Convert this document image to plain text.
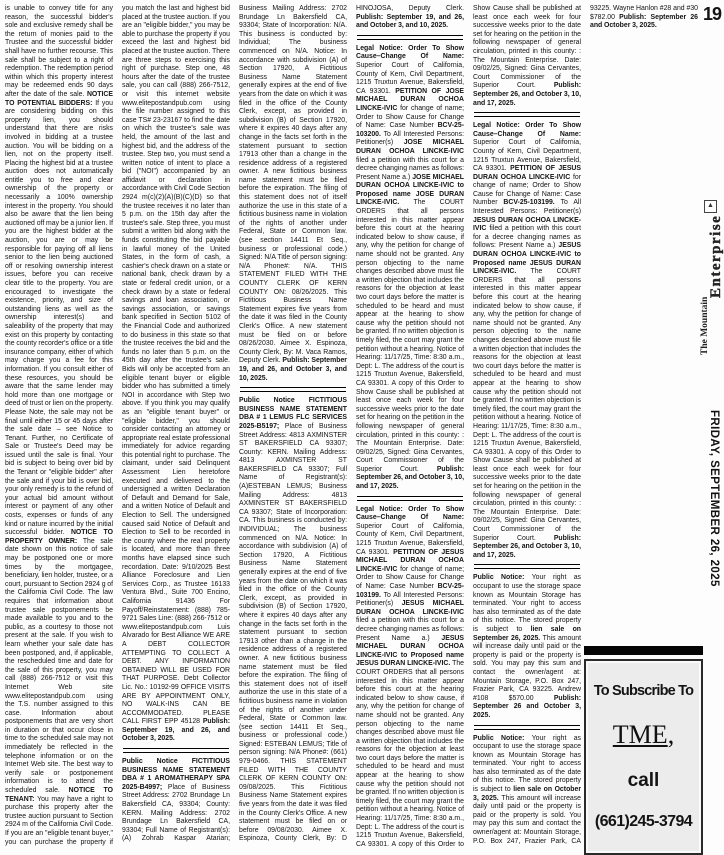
is unable to convey title for any reason, the successful bidder's sole and exclusive remedy shall be the return of monies paid to the Trustee and the successful bidder shall have no further recourse. This sale shall be subject to a right of redemption. The redemption period within which this property interest may be redeemed ends 90 days after the date of the sale. NOTICE TO POTENTIAL BIDDERS: If you are considering bidding on this property lien, you should understand that there are risks involved in bidding at a trustee auction. You will be bidding on a lien, not on the property itself. Placing the highest bid at a trustee auction does not automatically entitle you to free and clear ownership of the property or necessarily a 100% ownership interest in the property. You should also be aware that the lien being auctioned off may be a junior lien. If you are the highest bidder at the auction, you are or may be responsible for paying off all liens senior to the lien being auctioned off or resolving ownership interest issues, before you can receive clear title to the property. You are encouraged to investigate the existence, priority, and size of outstanding liens as well as the ownership interest(s) and saleability of the property that may exist on this property by contacting the county recorder's office or a title insurance company, either of which may charge you a fee for this information. If you consult either of these resources, you should be aware that the same lender may hold more than one mortgage or deed of trust or lien on the property. Please Note, the sale may not be final until either 15 or 45 days after the sale date – see Notice to Tenant. Further, no Certificate of Sale or Trustee's Deed may be issued until the sale is final. Your bid is subject to being over bid by the Tenant or "eligible bidder" after the sale and if your bid is over bid, your only remedy is to the refund of your actual bid amount without interest or payment of any other costs, expenses or funds of any kind or nature incurred by the initial successful bidder. NOTICE TO PROPERTY OWNER: The sale date shown on this notice of sale may be postponed one or more times by the mortgagee, beneficiary, lien holder, trustee, or a court, pursuant to Section 2924 g of the California Civil Code. The law requires that information about trustee sale postponements be made available to you and to the public, as a courtesy to those not present at the sale. If you wish to learn whether your sale date has been postponed, and, if applicable, the rescheduled time and date for the sale of this property, you may call (888) 266-7512 or visit this Internet Web site www.elitepostandpub.com using the T.S. number assigned to this case. Information about postponements that are very short in duration or that occur close in time to the scheduled sale may not immediately be reflected in the telephone information or on the Internet Web site. The best way to verify sale or postponement information is to attend the scheduled sale. NOTICE TO TENANT: You may have a right to purchase this property after the trustee auction pursuant to Section 2924 m of the California Civil Code. If you are an "eligible tenant buyer," you can purchase the property if you match the last and highest bid placed at the trustee auction. If you are an "eligible bidder," you may be able to purchase the property if you exceed the last and highest bid placed at the trustee auction. There are three steps to exercising this right of purchase. Step one, 48 hours after the date of the trustee sale, you can call (888) 266-7512, or visit this internet website www.elitepostandpub.com using the file number assigned to this case TS# 23-23167 to find the date on which the trustee's sale was held, the amount of the last and highest bid, and the address of the trustee. Step two, you must send a written notice of intent to place a bid ("NOI") accompanied by an affidavit or declaration in accordance with Civil Code Section 2924 m(c)(2)(A)(B)(C)(D) so that the trustee receives it no later than 5 p.m. on the 15th day after the trustee's sale. Step three, you must submit a written bid along with the funds constituting the bid payable in lawful money of the United States, in the form of cash, a cashier's check drawn on a state or national bank, check drawn by a state or federal credit union, or a check drawn by a state or federal savings and loan association, or savings association, or savings bank specified in Section 5102 of the Financial Code and authorized to do business in this state so that the trustee receives the bid and the funds no later than 5 p.m. on the 45th day after the trustee's sale. Bids will only be accepted from an eligible tenant buyer or eligible bidder who has submitted a timely NOI in accordance with Step two above. If you think you may qualify as an "eligible tenant buyer" or "eligible bidder," you should consider contacting an attorney or appropriate real estate professional immediately for advice regarding this potential right to purchase. The claimant, under said Delinquent Assessment Lien heretofore executed and delivered to the undersigned a written Declaration of Default and Demand for Sale, and a written Notice of Default and Election to Sell. The undersigned caused said Notice of Default and Election to Sell to be recorded in the county where the real property is located, and more than three months have elapsed since such recordation. Date: 9/10/2025 Best Alliance Foreclosure and Lien Services Corp., as Trustee 16133 Ventura Blvd., Suite 700 Encino, California 91436 For Payoff/Reinstatement: (888) 785-9721 Sales Line: (888) 266-7512 or www.elitepostandpub.com Luis Alvarado for Best Alliance WE ARE A DEBT COLLECTOR ATTEMPTING TO COLLECT A DEBT. ANY INFORMATION OBTAINED WILL BE USED FOR THAT PURPOSE. Debt Collector Lic. No.: 10192-99 OFFICE VISITS ARE BY APPOINTMENT ONLY, NO WALK-INS CAN BE ACCOMMODATED. PLEASE CALL FIRST EPP 45128 Publish: September 19, and 26, and October 3, 2025.
Public Notice FICTITIOUS BUSINESS NAME STATEMENT DBA # 1 AROMATHERAPY SPA 2025-B4997; Place of Business Street Address: 2702 Brundage Ln Bakersfield CA, 93304; County: KERN. Mailing Address: 2702 Brundage Ln Bakersfield CA, 93304; Full Name of Registrant(s): (A) Zohrab Kaspar Atarian; Business Mailing Address: 2702 Brundage Ln Bakersfield CA, 93304; State of Incorporation: N/A. This business is conducted by: Individual; The business commenced on N/A. Notice: In accordance with subdivision (A) of Section 17920, A Fictitious Business Name Statement generally expires at the end of five years from the date on which it was filed in the office of the County Clerk, except, as provided in subdivision (B) of Section 17920, where it expires 40 days after any change in the facts set forth in the statement pursuant to section 17913 other than a change in the residence address of a registered owner. A new fictitious business name statement must be filed before the expiration. The filing of this statement does not of itself authorize the use in this state of a fictitious business name in violation of the rights of another under Federal, State or Common law. (see section 14411 Et Seq., business or professional code.) Signed: N/A Title of person signing: N/A Phone#: N/A. THIS STATEMENT FILED WITH THE COUNTY CLERK OF KERN COUNTY ON: 08/26/2025. This Fictitious Business Name Statement expires five years from the date it was filed in the County Clerk's Office. A new statement must be filed on or before 08/26/2030. Aimee X. Espinoza, County Clerk, By: M. Vaca Ramos, Deputy Clerk. Publish: September 19, and 26, and October 3, and 10, 2025.
Public Notice FICTITIOUS BUSINESS NAME STATEMENT DBA # 1 LEMUS FLC SERVICES 2025-B5197; Place of Business Street Address: 4813 AXMINSTER ST BAKERSFIELD CA 93307; County: KERN. Mailing Address: 4813 AXMINSTER ST BAKERSFIELD CA 93307; Full Name of Registrant(s): (A)ESTEBAN LEMUS; Business Mailing Address: 4813 AXMINSTER ST BAKERSFIELD CA 93307; State of Incorporation: CA. This business is conducted by: INDIVIDUAL; The business commenced on N/A. Notice: In accordance with subdivision (A) of Section 17920, A Fictitious Business Name Statement generally expires at the end of five years from the date on which it was filed in the office of the County Clerk, except, as provided in subdivision (B) of Section 17920, where it expires 40 days after any change in the facts set forth in the statement pursuant to section 17913 other than a change in the residence address of a registered owner. A new fictitious business name statement must be filed before the expiration. The filing of this statement does not of itself authorize the use in this state of a fictitious business name in violation of the rights of another under Federal, State or Common law. (see section 14411 Et Seq., business or professional code.) Signed: ESTEBAN LEMUS; Title of person signing: N/A Phone#: (661) 979-0466. THIS STATEMENT FILED WITH THE COUNTY CLERK OF KERN COUNTY ON: 09/08/2025. This Fictitious Business Name Statement expires five years from the date it was filed in the County Clerk's Office. A new statement must be filed on or before 09/08/2030. Aimee X. Espinoza, County Clerk, By: D HINOJOSA, Deputy Clerk. Publish: September 19, and 26, and October 3, and 10, 2025.
Legal Notice: Order To Show Cause–Change Of Name: Superior Court of California, County of Kern, Civil Department, 1215 Truxtun Avenue, Bakersfield, CA 93301. PETITION OF JOSE MICHAEL DURAN OCHOA LINCKE-IVIC for change of name; Order to Show Cause for Change of Name: Case Number BCV-25-103200. To All Interested Persons: Petitioner(s) JOSE MICHAEL DURAN OCHOA LINCKE-IVIC filed a petition with this court for a decree changing names as follows: Present Name a.) JOSE MICHAEL DURAN OCHOA LINCKE-IVIC to Proposed name JOSE DURAN LINCKE-IVIC. The COURT ORDERS that all persons interested in this matter appear before this court at the hearing indicated below to show cause, if any, why the petition for change of name should not be granted. Any person objecting to the name changes described above must file a written objection that includes the reasons for the objection at least two court days before the matter is scheduled to be heard and must appear at the hearing to show cause why the petition should not be granted. If no written objection is timely filed, the court may grant the petition without a hearing. Notice of Hearing: 11/17/25, Time: 8:30 a.m., Dept: L. The address of the court is 1215 Truxtun Avenue, Bakersfield, CA 93301. A copy of this Order to Show Cause shall be published at least once each week for four successive weeks prior to the date set for hearing on the petition in the following newspaper of general circulation, printed in this county: : The Mountain Enterprise. Date: 09/02/25, Signed: Gina Cervantes, Court Commissioner of the Superior Court. Publish: September 26, and October 3, 10, and 17, 2025.
Legal Notice: Order To Show Cause–Change Of Name: Superior Court of California, County of Kern, Civil Department, 1215 Truxtun Avenue, Bakersfield, CA 93301. PETITION OF JESUS MICHAEL DURAN OCHOA LINCKE-IVIC for change of name; Order to Show Cause for Change of Name: Case Number BCV-25-103199. To All Interested Persons: Petitioner(s) JESUS MICHAEL DURAN OCHOA LINCKE-IVIC filed a petition with this court for a decree changing names as follows: Present Name a.) JESUS MICHAEL DURAN OCHOA LINCKE-IVIC to Proposed name JESUS DURAN LINCKE-IVIC. The COURT ORDERS that all persons interested in this matter appear before this court at the hearing indicated below to show cause, if any, why the petition for change of name should not be granted. Any person objecting to the name changes described above must file a written objection that includes the reasons for the objection at least two court days before the matter is scheduled to be heard and must appear at the hearing to show cause why the petition should not be granted. If no written objection is timely filed, the court may grant the petition without a hearing. Notice of Hearing: 11/17/25, Time: 8:30 a.m., Dept: L. The address of the court is 1215 Truxtun Avenue, Bakersfield, CA 93301. A copy of this Order to Show Cause shall be published at least once each week for four successive weeks prior to the date set for hearing on the petition in the following newspaper of general circulation, printed in this county: : The Mountain Enterprise. Date: 09/02/25, Signed: Gina Cervantes, Court Commissioner of the Superior Court. Publish: September 26, and October 3, 10, and 17, 2025.
Legal Notice: Order To Show Cause–Change Of Name: Superior Court of California, County of Kern, Civil Department, 1215 Truxtun Avenue, Bakersfield, CA 93301. PETITION OF JESUS DURAN OCHOA LINCKE-IVIC for change of name; Order to Show Cause for Change of Name: Case Number BCV-25-103199. To All Interested Persons: Petitioner(s) JESUS DURAN OCHOA LINCKE-IVIC filed a petition with this court for a decree changing names as follows: Present Name a.) JESUS DURAN OCHOA LINCKE-IVIC to Proposed name JESUS DURAN LINCKE-IVIC. The COURT ORDERS that all persons interested in this matter appear before this court at the hearing indicated below to show cause, if any, why the petition for change of name should not be granted. Any person objecting to the name changes described above must file a written objection that includes the reasons for the objection at least two court days before the matter is scheduled to be heard and must appear at the hearing to show cause why the petition should not be granted. If no written objection is timely filed, the court may grant the petition without a hearing. Notice of Hearing: 11/17/25, Time: 8:30 a.m., Dept: L. The address of the court is 1215 Truxtun Avenue, Bakersfield, CA 93301. A copy of this Order to Show Cause shall be published at least once each week for four successive weeks prior to the date set for hearing on the petition in the following newspaper of general circulation, printed in this county: : The Mountain Enterprise. Date: 09/02/25, Signed: Gina Cervantes, Court Commissioner of the Superior Court. Publish: September 26, and October 3, 10, and 17, 2025.
Public Notice: Your right as occupant to use the storage space known as Mountain Storage has terminated. Your right to access has also terminated as of the date of this notice. The stored property is subject to lien sale on September 26, 2025. This amount will increase daily until paid or the property is paid or the property is sold. You may pay this sum and contact the owner/agent at: Mountain Storage, P.O. Box 247, Frazier Park, CA 93225. Andrew #108 $570.00 Publish: September 26 and October 3, 2025.
Public Notice: Your right as occupant to use the storage space known as Mountain Storage has terminated. Your right to access has also terminated as of the date of this notice. The stored property is subject to lien sale on October 3, 2025. This amount will increase daily until paid or the property is paid or the property is sold. You may pay this sum and contact the owner/agent at: Mountain Storage, P.O. Box 247, Frazier Park, CA 93225. Wayne Hanlon #28 and #30 $782.00 Publish: September 26 and October 3, 2025.
19
▲
Enterprise
The Mountain
FRIDAY, SEPTEMBER 26, 2025
To Subscribe To
TME,
call
(661)245-3794
